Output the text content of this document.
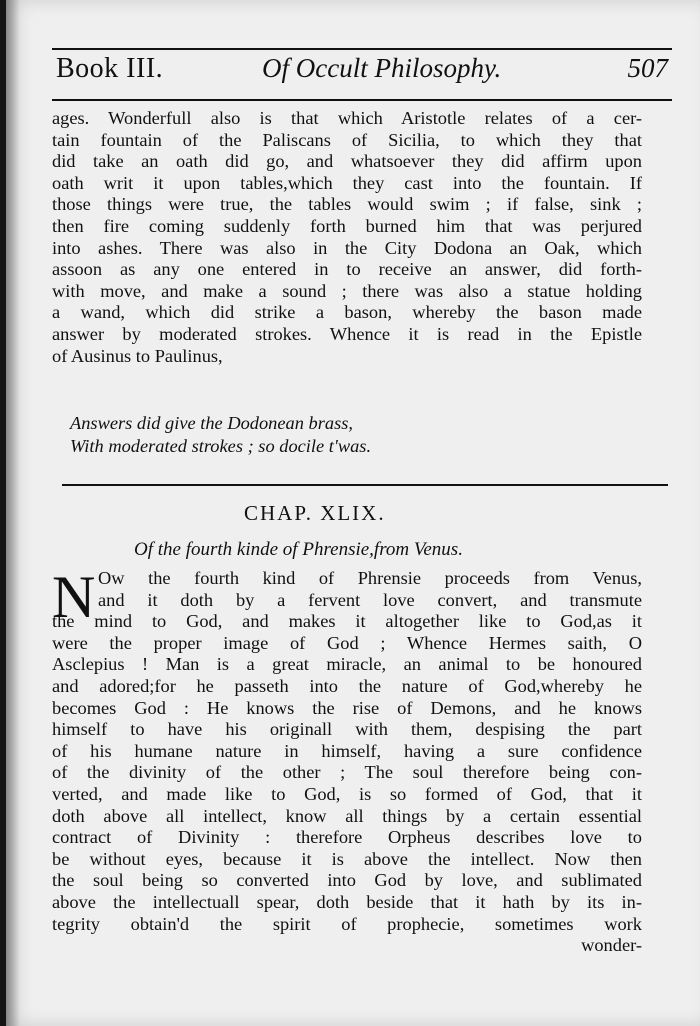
Book III.	Of Occult Philosophy.	507
ages. Wonderfull also is that which Aristotle relates of a cer-
tain fountain of the Paliscans of Sicilia, to which they that
did take an oath did go, and whatsoever they did affirm upon
oath writ it upon tables,which they cast into the fountain. If
those things were true, the tables would swim ; if false, sink ;
then fire coming suddenly forth burned him that was perjured
into ashes. There was also in the City Dodona an Oak, which
assoon as any one entered in to receive an answer, did forth-
with move, and make a sound ; there was also a statue holding
a wand, which did strike a bason, whereby the bason made
answer by moderated strokes. Whence it is read in the Epistle
of Ausinus to Paulinus,
Answers did give the Dodonean brass,
With moderated strokes ; so docile t'was.
CHAP. XLIX.
Of the fourth kinde of Phrensie,from Venus.
N Ow the fourth kind of Phrensie proceeds from Venus,
and it doth by a fervent love convert, and transmute
the mind to God, and makes it altogether like to God,as it
were the proper image of God ; Whence Hermes saith, O
Asclepius ! Man is a great miracle, an animal to be honoured
and adored;for he passeth into the nature of God,whereby he
becomes God : He knows the rise of Demons, and he knows
himself to have his originall with them, despising the part
of his humane nature in himself, having a sure confidence
of the divinity of the other ; The soul therefore being con-
verted, and made like to God, is so formed of God, that it
doth above all intellect, know all things by a certain essential
contract of Divinity : therefore Orpheus describes love to
be without eyes, because it is above the intellect. Now then
the soul being so converted into God by love, and sublimated
above the intellectuall spear, doth beside that it hath by its in-
tegrity obtain'd the spirit of prophecie, sometimes work
wonder-
